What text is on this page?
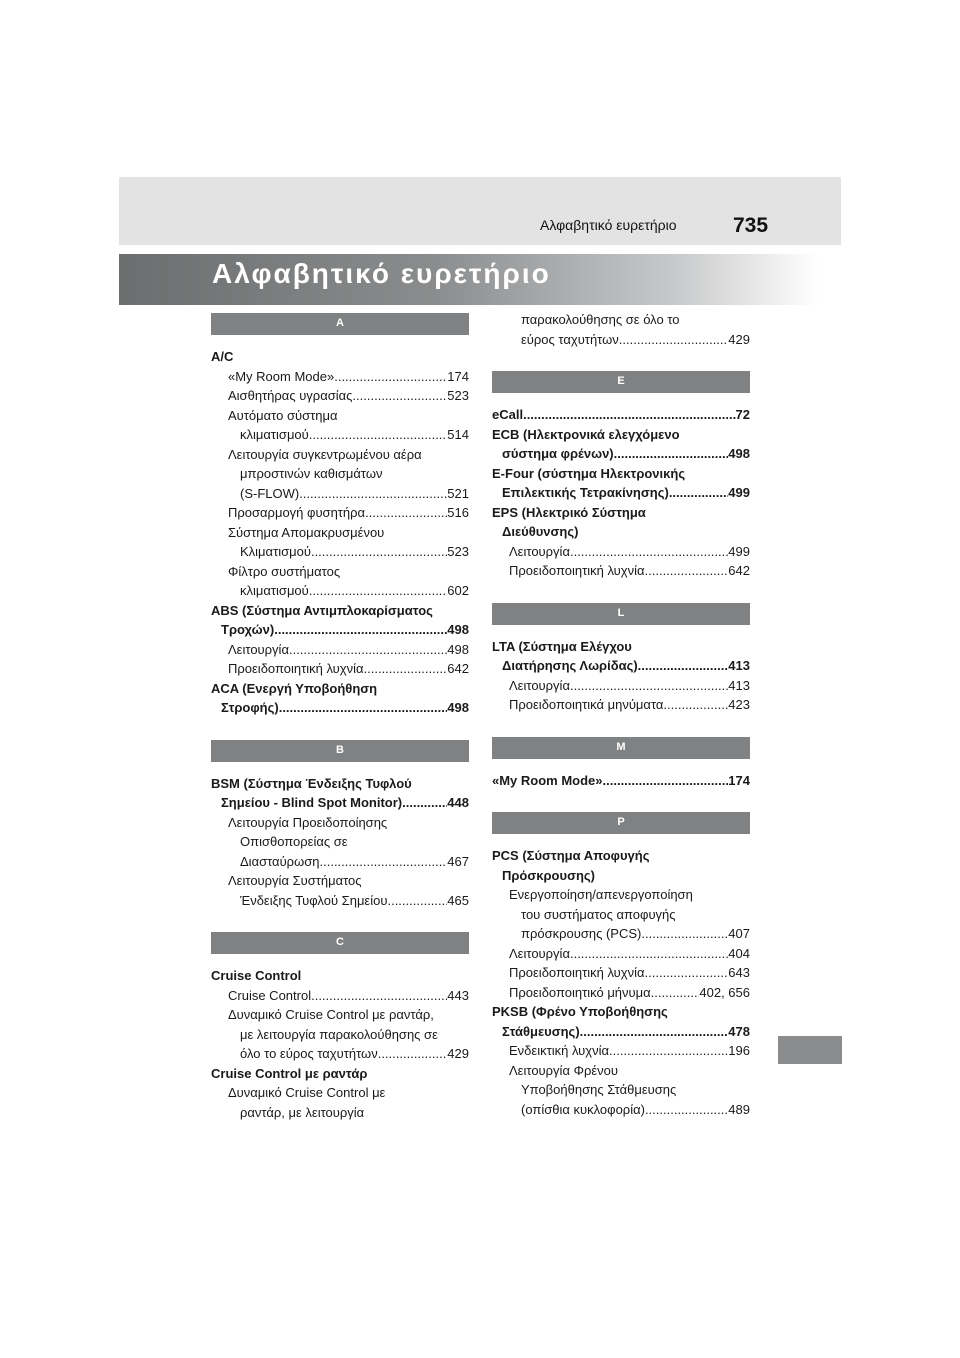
Αλφαβητικό ευρετήριο	735
Αλφαβητικό ευρετήριο
A
A/C
«My Room Mode» .....	174
Αισθητήρας υγρασίας .....	523
Αυτόματο σύστημα
κλιματισμού .....	514
Λειτουργία συγκεντρωμένου αέρα
μπροστινών καθισμάτων
(S-FLOW) .....	521
Προσαρμογή φυσητήρα .....	516
Σύστημα Απομακρυσμένου
Κλιματισμού .....	523
Φίλτρο συστήματος
κλιματισμού .....	602
ABS (Σύστημα Αντιμπλοκαρίσματος
Τροχών) .....	498
Λειτουργία .....	498
Προειδοποιητική λυχνία .....	642
ACA (Ενεργή Υποβοήθηση
Στροφής) .....	498
B
BSM (Σύστημα Ένδειξης Τυφλού
Σημείου - Blind Spot Monitor) .....	448
Λειτουργία Προειδοποίησης
Οπισθοπορείας σε
Διασταύρωση .....	467
Λειτουργία Συστήματος
Ένδειξης Τυφλού Σημείου .....	465
C
Cruise Control
Cruise Control .....	443
Δυναμικό Cruise Control με ραντάρ,
με λειτουργία παρακολούθησης σε
όλο το εύρος ταχυτήτων .....	429
Cruise Control με ραντάρ
Δυναμικό Cruise Control με
ραντάρ, με λειτουργία
παρακολούθησης σε όλο το
εύρος ταχυτήτων .....	429
E
eCall .....	72
ECB (Ηλεκτρονικά ελεγχόμενο
σύστημα φρένων) .....	498
E-Four (σύστημα Ηλεκτρονικής
Επιλεκτικής Τετρακίνησης) .....	499
EPS (Ηλεκτρικό Σύστημα
Διεύθυνσης)
Λειτουργία .....	499
Προειδοποιητική λυχνία .....	642
L
LTA (Σύστημα Ελέγχου
Διατήρησης Λωρίδας) .....	413
Λειτουργία .....	413
Προειδοποιητικά μηνύματα .....	423
M
«My Room Mode» .....	174
P
PCS (Σύστημα Αποφυγής
Πρόσκρουσης)
Ενεργοποίηση/απενεργοποίηση
του συστήματος αποφυγής
πρόσκρουσης (PCS) .....	407
Λειτουργία .....	404
Προειδοποιητική λυχνία .....	643
Προειδοποιητικό μήνυμα .....	402, 656
PKSB (Φρένο Υποβοήθησης
Στάθμευσης) .....	478
Ενδεικτική λυχνία .....	196
Λειτουργία Φρένου
Υποβοήθησης Στάθμευσης
(οπίσθια κυκλοφορία) .....	489
